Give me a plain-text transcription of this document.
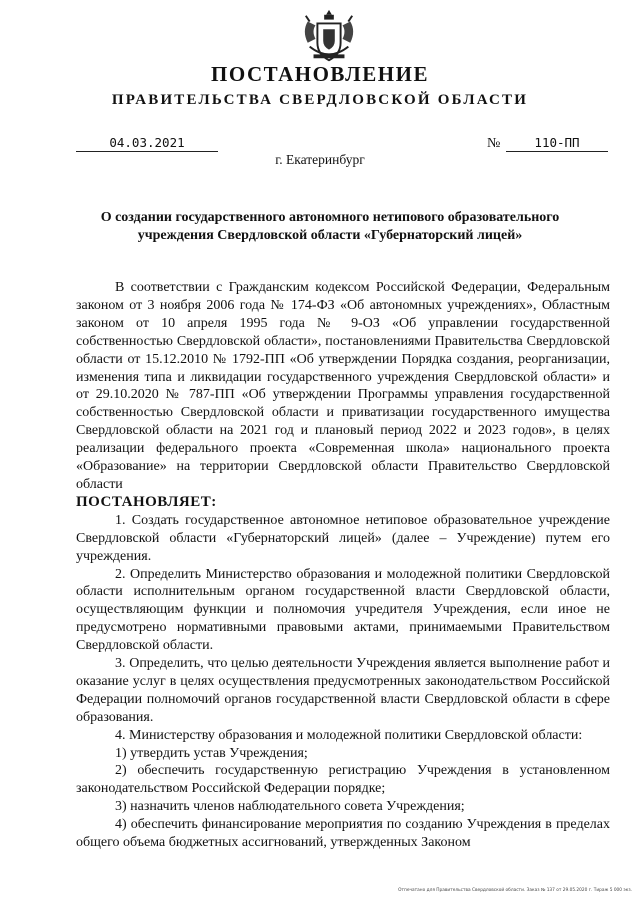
ПОСТАНОВЛЕНИЕ
ПРАВИТЕЛЬСТВА СВЕРДЛОВСКОЙ ОБЛАСТИ
04.03.2021	№	110-ПП
г. Екатеринбург
О создании государственного автономного нетипового образовательного учреждения Свердловской области «Губернаторский лицей»

В соответствии с Гражданским кодексом Российской Федерации, Федеральным законом от 3 ноября 2006 года № 174-ФЗ «Об автономных учреждениях», Областным законом от 10 апреля 1995 года № 9-ОЗ «Об управлении государственной собственностью Свердловской области», постановлениями Правительства Свердловской области от 15.12.2010 № 1792-ПП «Об утверждении Порядка создания, реорганизации, изменения типа и ликвидации государственного учреждения Свердловской области» и от 29.10.2020 № 787-ПП «Об утверждении Программы управления государственной собственностью Свердловской области и приватизации государственного имущества Свердловской области на 2021 год и плановый период 2022 и 2023 годов», в целях реализации федерального проекта «Современная школа» национального проекта «Образование» на территории Свердловской области Правительство Свердловской области

ПОСТАНОВЛЯЕТ:

1. Создать государственное автономное нетиповое образовательное учреждение Свердловской области «Губернаторский лицей» (далее – Учреждение) путем его учреждения.

2. Определить Министерство образования и молодежной политики Свердловской области исполнительным органом государственной власти Свердловской области, осуществляющим функции и полномочия учредителя Учреждения, если иное не предусмотрено нормативными правовыми актами, принимаемыми Правительством Свердловской области.

3. Определить, что целью деятельности Учреждения является выполнение работ и оказание услуг в целях осуществления предусмотренных законодательством Российской Федерации полномочий органов государственной власти Свердловской области в сфере образования.

4. Министерству образования и молодежной политики Свердловской области:

1) утвердить устав Учреждения;

2) обеспечить государственную регистрацию Учреждения в установленном законодательством Российской Федерации порядке;

3) назначить членов наблюдательного совета Учреждения;

4) обеспечить финансирование мероприятия по созданию Учреждения в пределах общего объема бюджетных ассигнований, утвержденных Законом

Отпечатано для Правительства Свердловской области. Заказ № 137 от 29.05.2020 г. Тираж 5 000 экз.
